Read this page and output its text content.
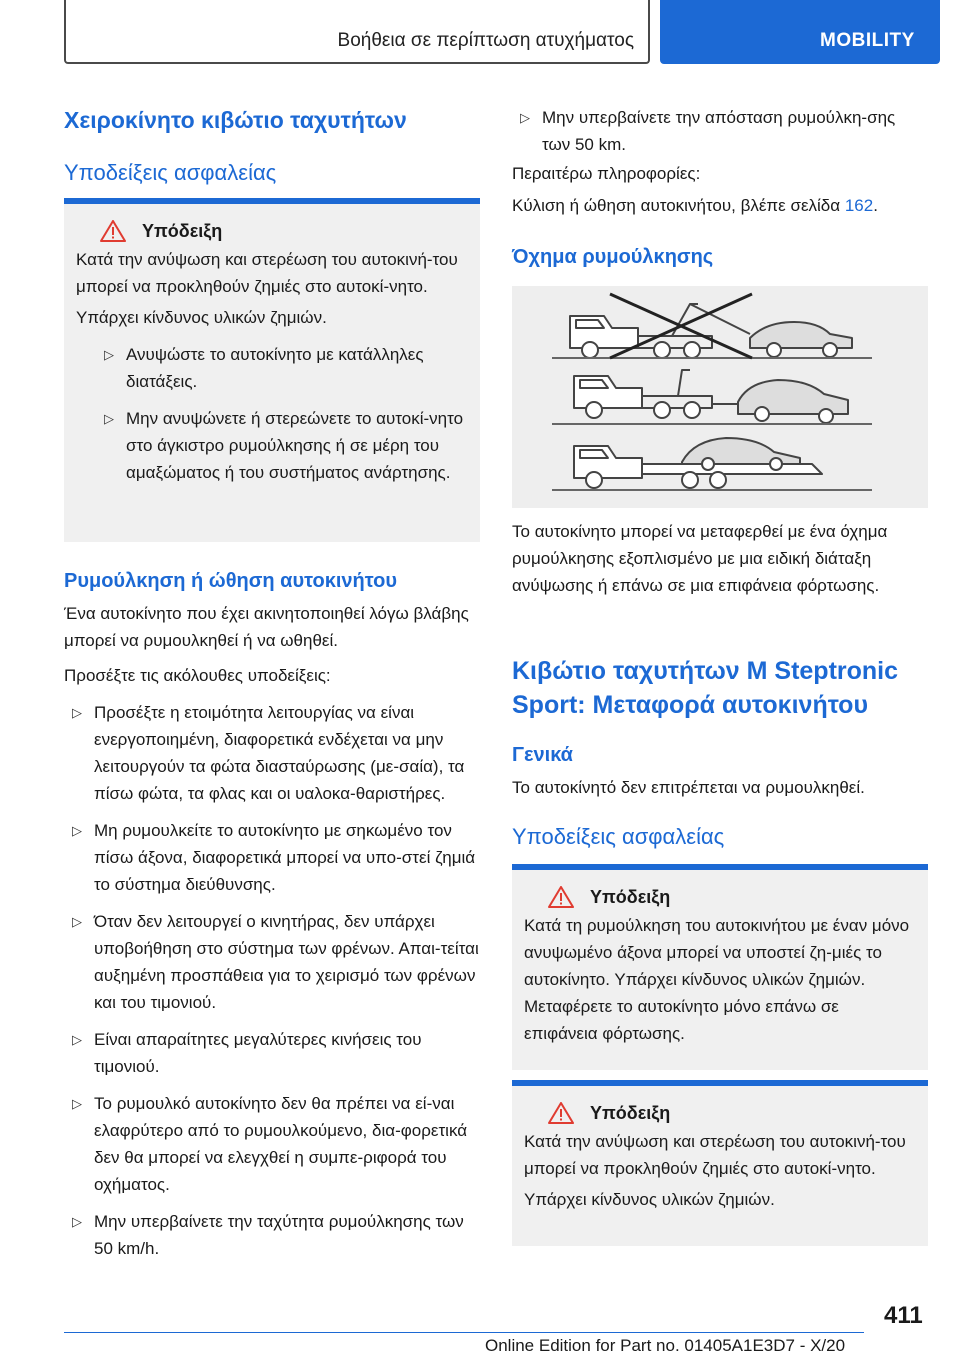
Βοήθεια σε περίπτωση ατυχήματος	MOBILITY
Χειροκίνητο κιβώτιο ταχυτήτων
Υποδείξεις ασφαλείας
Υπόδειξη

Κατά την ανύψωση και στερέωση του αυτοκινή-του μπορεί να προκληθούν ζημιές στο αυτοκί-νητο.

Υπάρχει κίνδυνος υλικών ζημιών.

▷ Ανυψώστε το αυτοκίνητο με κατάλληλες διατάξεις.
▷ Μην ανυψώνετε ή στερεώνετε το αυτοκί-νητο στο άγκιστρο ρυμούλκησης ή σε μέρη του αμαξώματος ή του συστήματος ανάρτησης.
Ρυμούλκηση ή ώθηση αυτοκινήτου

Ένα αυτοκίνητο που έχει ακινητοποιηθεί λόγω βλάβης μπορεί να ρυμουλκηθεί ή να ωθηθεί.

Προσέξτε τις ακόλουθες υποδείξεις:

▷ Προσέξτε η ετοιμότητα λειτουργίας να είναι ενεργοποιημένη, διαφορετικά ενδέχεται να μην λειτουργούν τα φώτα διασταύρωσης (με-σαία), τα πίσω φώτα, τα φλας και οι υαλοκα-θαριστήρες.
▷ Μη ρυμουλκείτε το αυτοκίνητο με σηκωμένο τον πίσω άξονα, διαφορετικά μπορεί να υπο-στεί ζημιά το σύστημα διεύθυνσης.
▷ Όταν δεν λειτουργεί ο κινητήρας, δεν υπάρχει υποβοήθηση στο σύστημα των φρένων. Απαι-τείται αυξημένη προσπάθεια για το χειρισμό των φρένων και του τιμονιού.
▷ Είναι απαραίτητες μεγαλύτερες κινήσεις του τιμονιού.
▷ Το ρυμουλκό αυτοκίνητο δεν θα πρέπει να εί-ναι ελαφρύτερο από το ρυμουλκούμενο, δια-φορετικά δεν θα μπορεί να ελεγχθεί η συμπε-ριφορά του οχήματος.
▷ Μην υπερβαίνετε την ταχύτητα ρυμούλκησης των 50 km/h.
▷ Μην υπερβαίνετε την απόσταση ρυμούλκη-σης των 50 km.

Περαιτέρω πληροφορίες:

Κύλιση ή ώθηση αυτοκινήτου, βλέπε σελίδα 162.

Όχημα ρυμούλκησης

Το αυτοκίνητο μπορεί να μεταφερθεί με ένα όχημα ρυμούλκησης εξοπλισμένο με μια ειδική διάταξη ανύψωσης ή επάνω σε μια επιφάνεια φόρτωσης.

Κιβώτιο ταχυτήτων M Steptronic Sport: Μεταφορά αυτοκινήτου
Γενικά

Το αυτοκίνητό δεν επιτρέπεται να ρυμουλκηθεί.

Υποδείξεις ασφαλείας
Υπόδειξη

Κατά τη ρυμούλκηση του αυτοκινήτου με έναν μόνο ανυψωμένο άξονα μπορεί να υποστεί ζη-μιές το αυτοκίνητο. Υπάρχει κίνδυνος υλικών ζημιών. Μεταφέρετε το αυτοκίνητο μόνο επάνω σε επιφάνεια φόρτωσης.

Υπόδειξη

Κατά την ανύψωση και στερέωση του αυτοκινή-του μπορεί να προκληθούν ζημιές στο αυτοκί-νητο.

Υπάρχει κίνδυνος υλικών ζημιών.

411
Online Edition for Part no. 01405A1E3D7 - X/20
